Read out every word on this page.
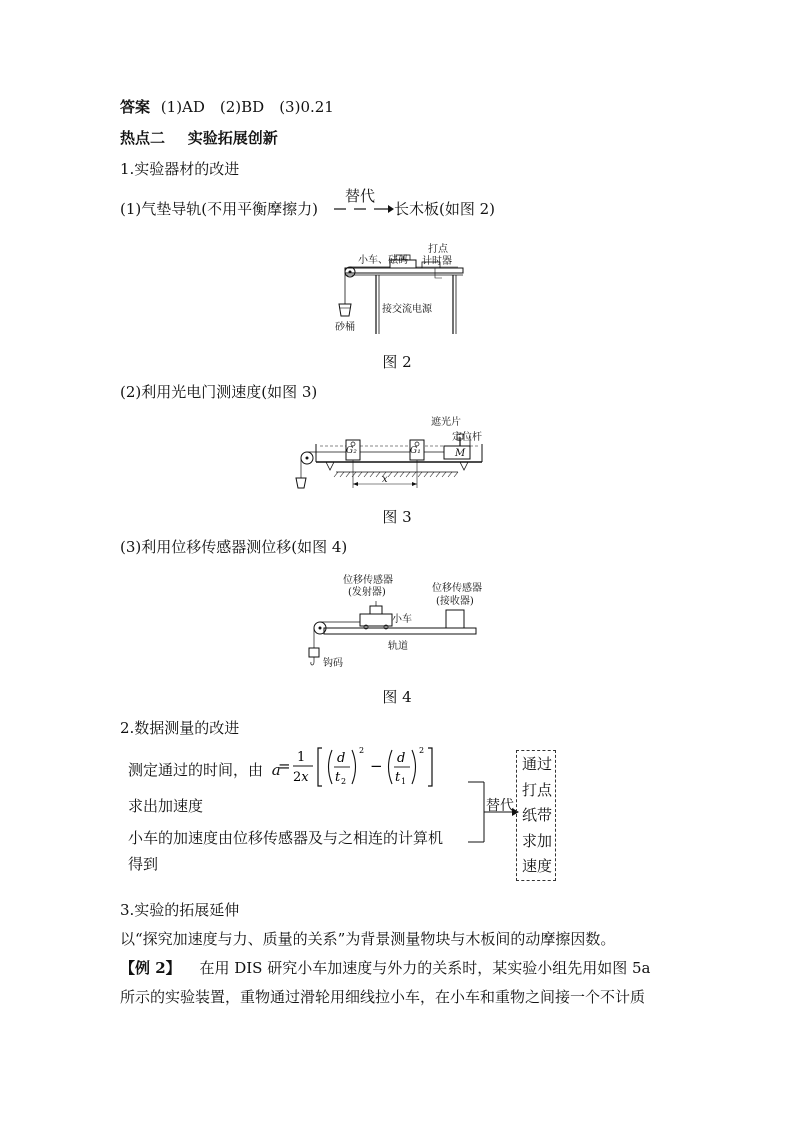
答案 (1)AD　(2)BD　(3)0.21
热点二 实验拓展创新
1.实验器材的改进
(1)气垫导轨(不用平衡摩擦力)
替代
长木板(如图 2)
小车、砝码
打点
计时器
砂桶
接交流电源
图 2
(2)利用光电门测速度(如图 3)
遮光片
定位杆
G₂	G₁	M
x
图 3
(3)利用位移传感器测位移(如图 4)
位移传感器
(发射器)	位移传感器
(接收器)
小车
轨道
钩码
图 4
2.数据测量的改进
测定通过的时间，由 a
= 1
2x
d
t 2
2
− d
t 1
2
求出加速度
小车的加速度由位移传感器及与之相连的计算机
得到
替代
通过
打点
纸带
求加
速度
3.实验的拓展延伸
以“探究加速度与力、质量的关系”为背景测量物块与木板间的动摩擦因数。
【例 2】 在用 DIS 研究小车加速度与外力的关系时，某实验小组先用如图 5a
所示的实验装置，重物通过滑轮用细线拉小车，在小车和重物之间接一个不计质
